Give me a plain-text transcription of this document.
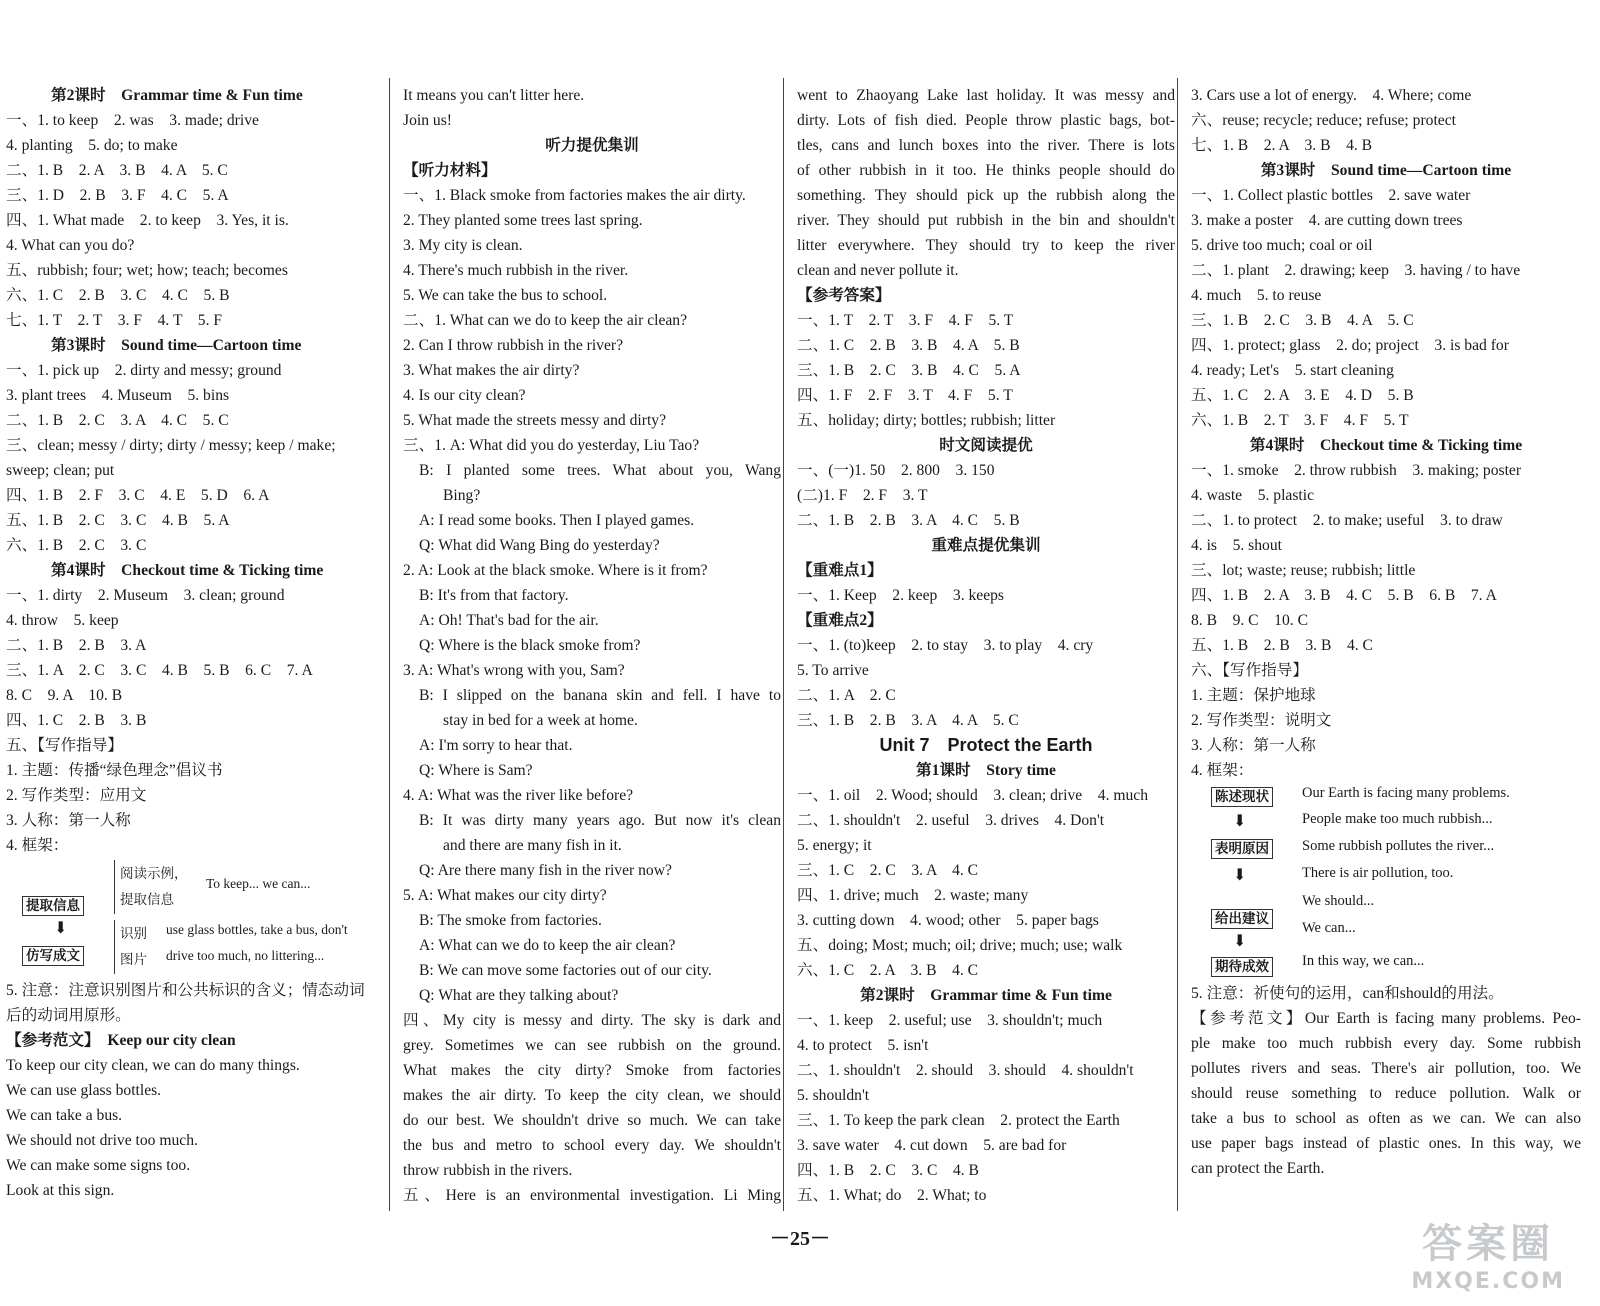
第2课时　Grammar time & Fun time
一、1. to keep　2. was　3. made; drive
4. planting　5. do; to make
二、1. B　2. A　3. B　4. A　5. C
三、1. D　2. B　3. F　4. C　5. A
四、1. What made　2. to keep　3. Yes, it is.
4. What can you do?
五、rubbish; four; wet; how; teach; becomes
六、1. C　2. B　3. C　4. C　5. B
七、1. T　2. T　3. F　4. T　5. F
第3课时　Sound time—Cartoon time
一、1. pick up　2. dirty and messy; ground
3. plant trees　4. Museum　5. bins
二、1. B　2. C　3. A　4. C　5. C
三、clean; messy / dirty; dirty / messy; keep / make;
sweep; clean; put
四、1. B　2. F　3. C　4. E　5. D　6. A
五、1. B　2. C　3. C　4. B　5. A
六、1. B　2. C　3. C
第4课时　Checkout time & Ticking time
一、1. dirty　2. Museum　3. clean; ground
4. throw　5. keep
二、1. B　2. B　3. A
三、1. A　2. C　3. C　4. B　5. B　6. C　7. A
8. C　9. A　10. B
四、1. C　2. B　3. B
五、【写作指导】
1. 主题：传播“绿色理念”倡议书
2. 写作类型：应用文
3. 人称：第一人称
4. 框架：
阅读示例，
提取信息
To keep... we can...
提取信息
⬇
仿写成文
识别
图片
use glass bottles, take a bus, don't
drive too much, no littering...
5. 注意：注意识别图片和公共标识的含义；情态动词
后的动词用原形。
【参考范文】　Keep our city clean
To keep our city clean, we can do many things.
We can use glass bottles.
We can take a bus.
We should not drive too much.
We can make some signs too.
Look at this sign.
It means you can't litter here.
Join us!
听力提优集训
【听力材料】
一、1. Black smoke from factories makes the air dirty.
2. They planted some trees last spring.
3. My city is clean.
4. There's much rubbish in the river.
5. We can take the bus to school.
二、1. What can we do to keep the air clean?
2. Can I throw rubbish in the river?
3. What makes the air dirty?
4. Is our city clean?
5. What made the streets messy and dirty?
三、1. A: What did you do yesterday, Liu Tao?
B: I planted some trees. What about you, Wang
Bing?
A: I read some books. Then I played games.
Q: What did Wang Bing do yesterday?
2. A: Look at the black smoke. Where is it from?
B: It's from that factory.
A: Oh! That's bad for the air.
Q: Where is the black smoke from?
3. A: What's wrong with you, Sam?
B: I slipped on the banana skin and fell. I have to
stay in bed for a week at home.
A: I'm sorry to hear that.
Q: Where is Sam?
4. A: What was the river like before?
B: It was dirty many years ago. But now it's clean
and there are many fish in it.
Q: Are there many fish in the river now?
5. A: What makes our city dirty?
B: The smoke from factories.
A: What can we do to keep the air clean?
B: We can move some factories out of our city.
Q: What are they talking about?
四、My city is messy and dirty. The sky is dark and
grey. Sometimes we can see rubbish on the ground.
What makes the city dirty? Smoke from factories
makes the air dirty. To keep the city clean, we should
do our best. We shouldn't drive so much. We can take
the bus and metro to school every day. We shouldn't
throw rubbish in the rivers.
五、Here is an environmental investigation. Li Ming
went to Zhaoyang Lake last holiday. It was messy and
dirty. Lots of fish died. People throw plastic bags, bot-
tles, cans and lunch boxes into the river. There is lots
of other rubbish in it too. He thinks people should do
something. They should pick up the rubbish along the
river. They should put rubbish in the bin and shouldn't
litter everywhere. They should try to keep the river
clean and never pollute it.
【参考答案】
一、1. T　2. T　3. F　4. F　5. T
二、1. C　2. B　3. B　4. A　5. B
三、1. B　2. C　3. B　4. C　5. A
四、1. F　2. F　3. T　4. F　5. T
五、holiday; dirty; bottles; rubbish; litter
时文阅读提优
一、(一)1. 50　2. 800　3. 150
(二)1. F　2. F　3. T
二、1. B　2. B　3. A　4. C　5. B
重难点提优集训
【重难点1】
一、1. Keep　2. keep　3. keeps
【重难点2】
一、1. (to)keep　2. to stay　3. to play　4. cry
5. To arrive
二、1. A　2. C
三、1. B　2. B　3. A　4. A　5. C
Unit 7　Protect the Earth
第1课时　Story time
一、1. oil　2. Wood; should　3. clean; drive　4. much
二、1. shouldn't　2. useful　3. drives　4. Don't
5. energy; it
三、1. C　2. C　3. A　4. C
四、1. drive; much　2. waste; many
3. cutting down　4. wood; other　5. paper bags
五、doing; Most; much; oil; drive; much; use; walk
六、1. C　2. A　3. B　4. C
第2课时　Grammar time & Fun time
一、1. keep　2. useful; use　3. shouldn't; much
4. to protect　5. isn't
二、1. shouldn't　2. should　3. should　4. shouldn't
5. shouldn't
三、1. To keep the park clean　2. protect the Earth
3. save water　4. cut down　5. are bad for
四、1. B　2. C　3. C　4. B
五、1. What; do　2. What; to
3. Cars use a lot of energy.　4. Where; come
六、reuse; recycle; reduce; refuse; protect
七、1. B　2. A　3. B　4. B
第3课时　Sound time—Cartoon time
一、1. Collect plastic bottles　2. save water
3. make a poster　4. are cutting down trees
5. drive too much; coal or oil
二、1. plant　2. drawing; keep　3. having / to have
4. much　5. to reuse
三、1. B　2. C　3. B　4. A　5. C
四、1. protect; glass　2. do; project　3. is bad for
4. ready; Let's　5. start cleaning
五、1. C　2. A　3. E　4. D　5. B
六、1. B　2. T　3. F　4. F　5. T
第4课时　Checkout time & Ticking time
一、1. smoke　2. throw rubbish　3. making; poster
4. waste　5. plastic
二、1. to protect　2. to make; useful　3. to draw
4. is　5. shout
三、lot; waste; reuse; rubbish; little
四、1. B　2. A　3. B　4. C　5. B　6. B　7. A
8. B　9. C　10. C
五、1. B　2. B　3. B　4. C
六、【写作指导】
1. 主题：保护地球
2. 写作类型：说明文
3. 人称：第一人称
4. 框架：
陈述现状
⬇
表明原因
⬇
给出建议
⬇
期待成效
Our Earth is facing many problems.
People make too much rubbish...
Some rubbish pollutes the river...
There is air pollution, too.
We should...
We can...
In this way, we can...
5. 注意：祈使句的运用，can和should的用法。
【参考范文】Our Earth is facing many problems. Peo-
ple make too much rubbish every day. Some rubbish
pollutes rivers and seas. There's air pollution, too. We
should reuse something to reduce pollution. Walk or
take a bus to school as often as we can. We can also
use paper bags instead of plastic ones. In this way, we
can protect the Earth.
－25－	答案圈
MXQE.COM
